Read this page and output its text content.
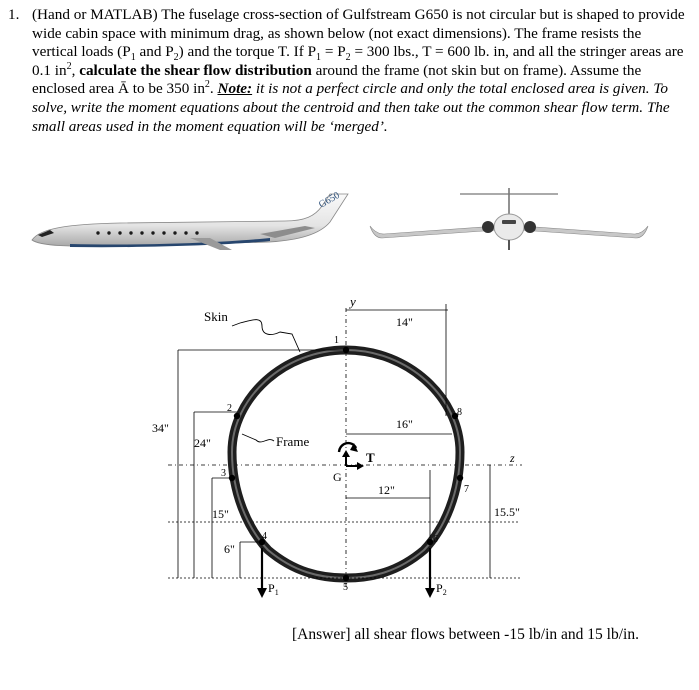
1. (Hand or MATLAB) The fuselage cross-section of Gulfstream G650 is not circular but is shaped to provide wide cabin space with minimum drag, as shown below (not exact dimensions). The frame resists the vertical loads ($P_1$ and $P_2$) and the torque T. If $P_1 = P_2 = 300$ lbs., T = 600 lb. in, and all the stringer areas are 0.1 $in^2$, calculate the shear flow distribution around the frame (not skin but on frame). Assume the enclosed area Ā to be 350 $in^2$. Note: it is not a perfect circle and only the total enclosed area is given. To solve, write the moment equations about the centroid and then take out the common shear flow term. The small areas used in the moment equation will be ‘merged’.
G650
1
2
3
4
5
6
7
8
y
z
Skin
Frame
T
G
14"
16"
12"
34"
24"
15"
6"
15.5"
$P_1$	$P_2$
[Answer] all shear flows between -15 lb/in and 15 lb/in.
